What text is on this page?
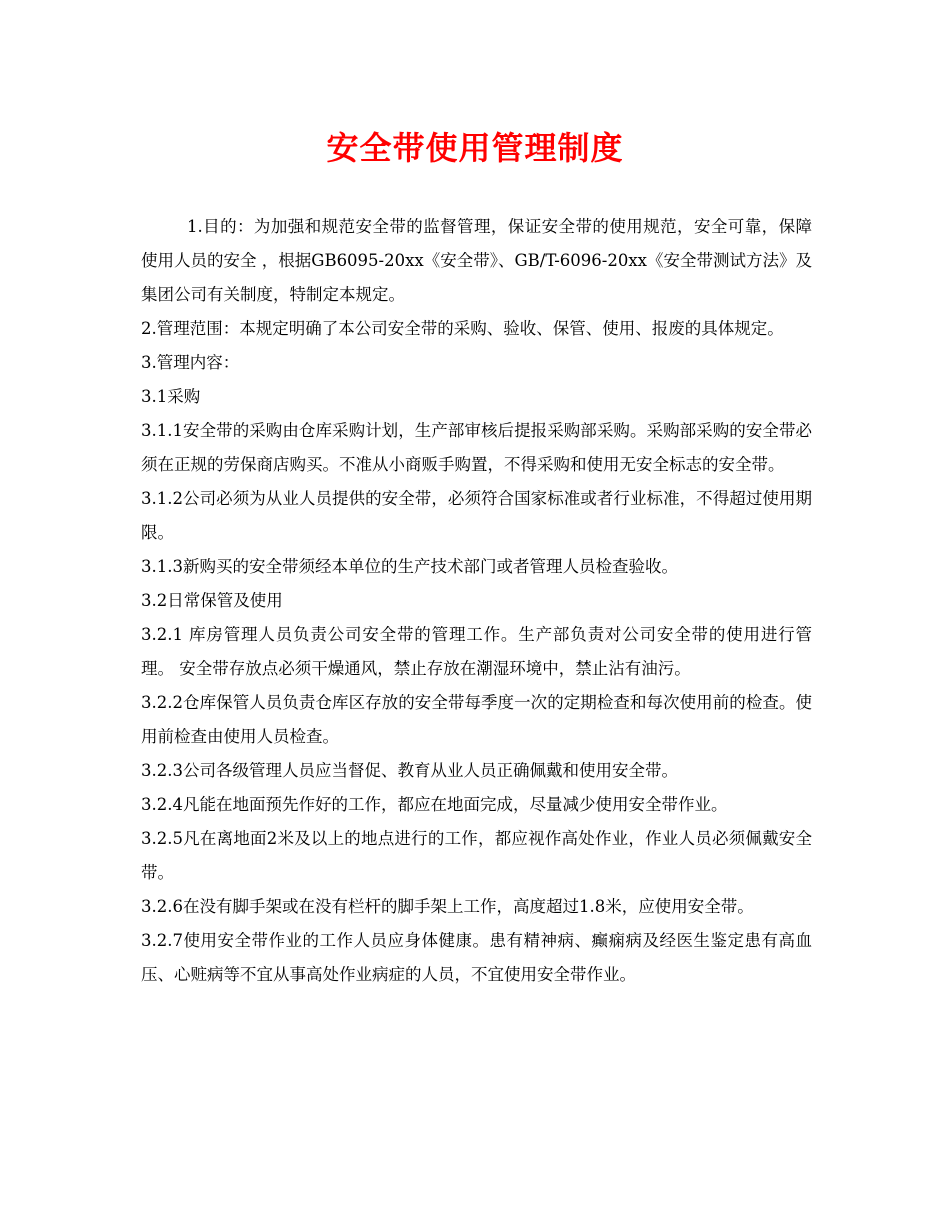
安全带使用管理制度

1.目的：为加强和规范安全带的监督管理，保证安全带的使用规范，安全可靠，保障使用人员的安全 ，根据GB6095-20xx《安全带》、GB/T-6096-20xx《安全带测试方法》及集团公司有关制度，特制定本规定。

2.管理范围：本规定明确了本公司安全带的采购、验收、保管、使用、报废的具体规定。

3.管理内容：

3.1采购

3.1.1安全带的采购由仓库采购计划，生产部审核后提报采购部采购。采购部采购的安全带必须在正规的劳保商店购买。不准从小商贩手购置，不得采购和使用无安全标志的安全带。

3.1.2公司必须为从业人员提供的安全带，必须符合国家标准或者行业标准，不得超过使用期限。

3.1.3新购买的安全带须经本单位的生产技术部门或者管理人员检查验收。

3.2日常保管及使用

3.2.1 库房管理人员负责公司安全带的管理工作。生产部负责对公司安全带的使用进行管理。 安全带存放点必须干燥通风，禁止存放在潮湿环境中，禁止沾有油污。

3.2.2仓库保管人员负责仓库区存放的安全带每季度一次的定期检查和每次使用前的检查。使用前检查由使用人员检查。

3.2.3公司各级管理人员应当督促、教育从业人员正确佩戴和使用安全带。

3.2.4凡能在地面预先作好的工作，都应在地面完成，尽量减少使用安全带作业。

3.2.5凡在离地面2米及以上的地点进行的工作，都应视作高处作业，作业人员必须佩戴安全带。

3.2.6在没有脚手架或在没有栏杆的脚手架上工作，高度超过1.8米，应使用安全带。

3.2.7使用安全带作业的工作人员应身体健康。患有精神病、癫痫病及经医生鉴定患有高血压、心赃病等不宜从事高处作业病症的人员，不宜使用安全带作业。
